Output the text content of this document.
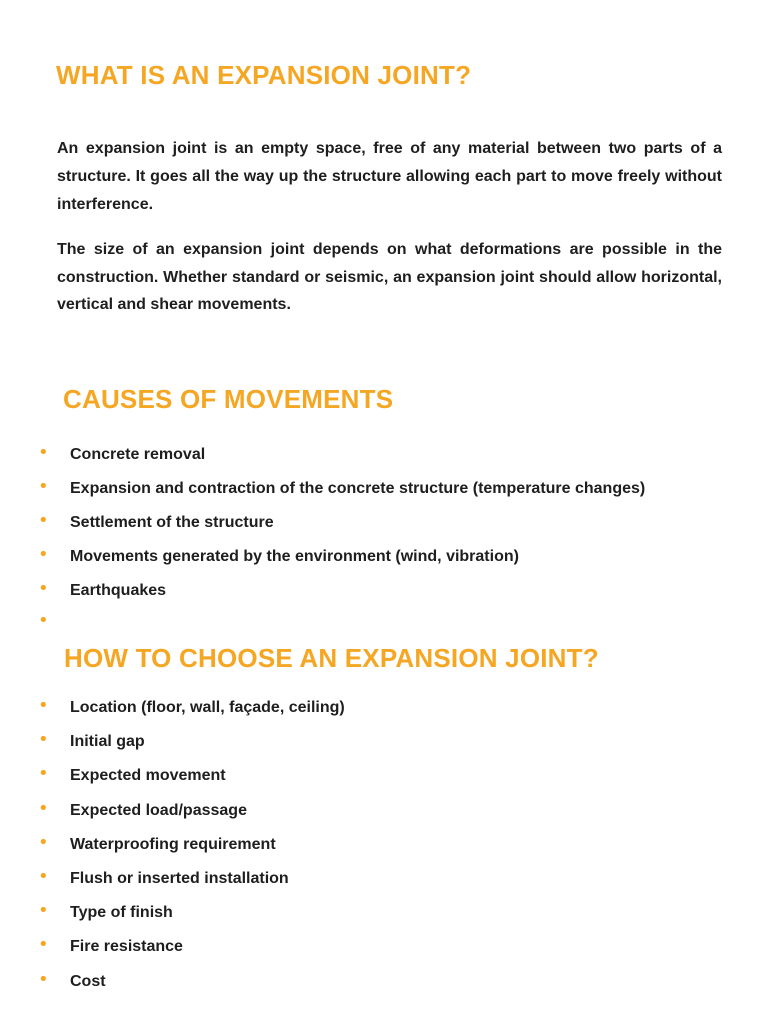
WHAT IS AN EXPANSION JOINT?

An expansion joint is an empty space, free of any material between two parts of a structure. It goes all the way up the structure allowing each part to move freely without interference.

The size of an expansion joint depends on what deformations are possible in the construction. Whether standard or seismic, an expansion joint should allow horizontal, vertical and shear movements.

CAUSES OF MOVEMENTS
• Concrete removal
• Expansion and contraction of the concrete structure (temperature changes)
• Settlement of the structure
• Movements generated by the environment (wind, vibration)
• Earthquakes
•
HOW TO CHOOSE AN EXPANSION JOINT?
• Location (floor, wall, façade, ceiling)
• Initial gap
• Expected movement
• Expected load/passage
• Waterproofing requirement
• Flush or inserted installation
• Type of finish
• Fire resistance
• Cost
